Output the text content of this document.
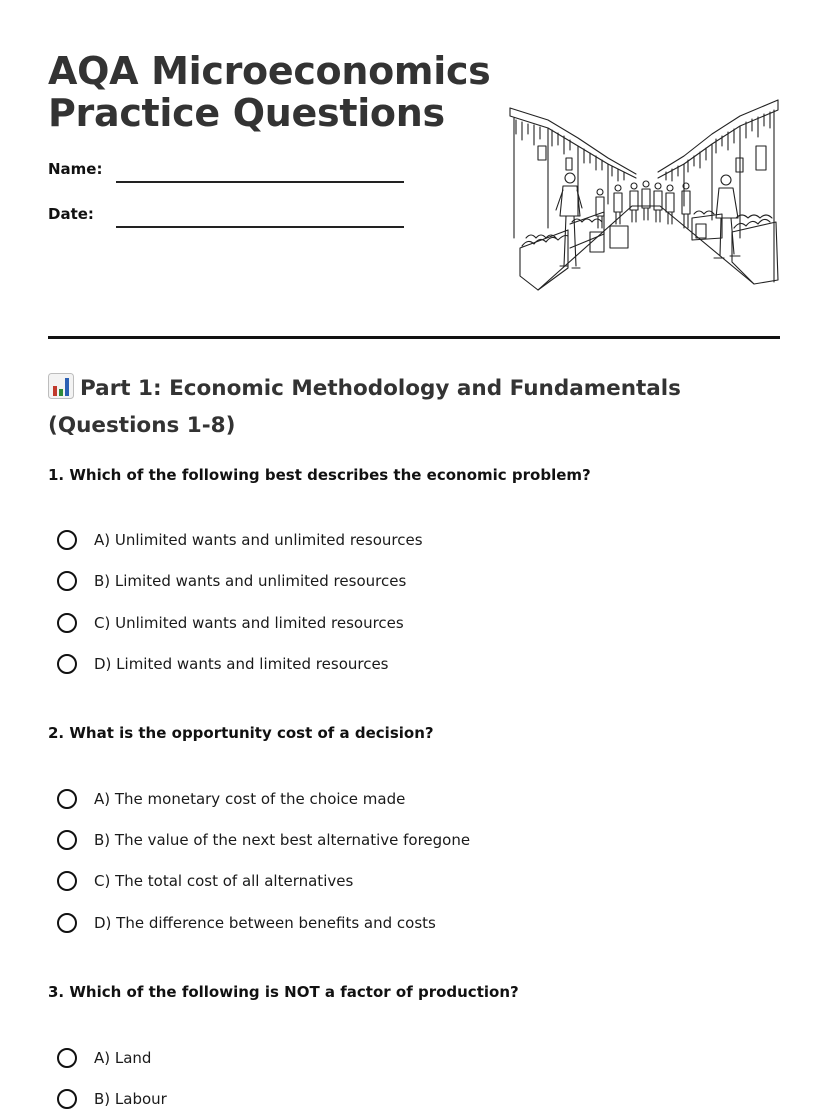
AQA Microeconomics
Practice Questions
Name:
Date:
Part 1: Economic Methodology and Fundamentals (Questions 1-8)

1. Which of the following best describes the economic problem?

A) Unlimited wants and unlimited resources
B) Limited wants and unlimited resources
C) Unlimited wants and limited resources
D) Limited wants and limited resources

2. What is the opportunity cost of a decision?

A) The monetary cost of the choice made
B) The value of the next best alternative foregone
C) The total cost of all alternatives
D) The difference between benefits and costs

3. Which of the following is NOT a factor of production?

A) Land
B) Labour
